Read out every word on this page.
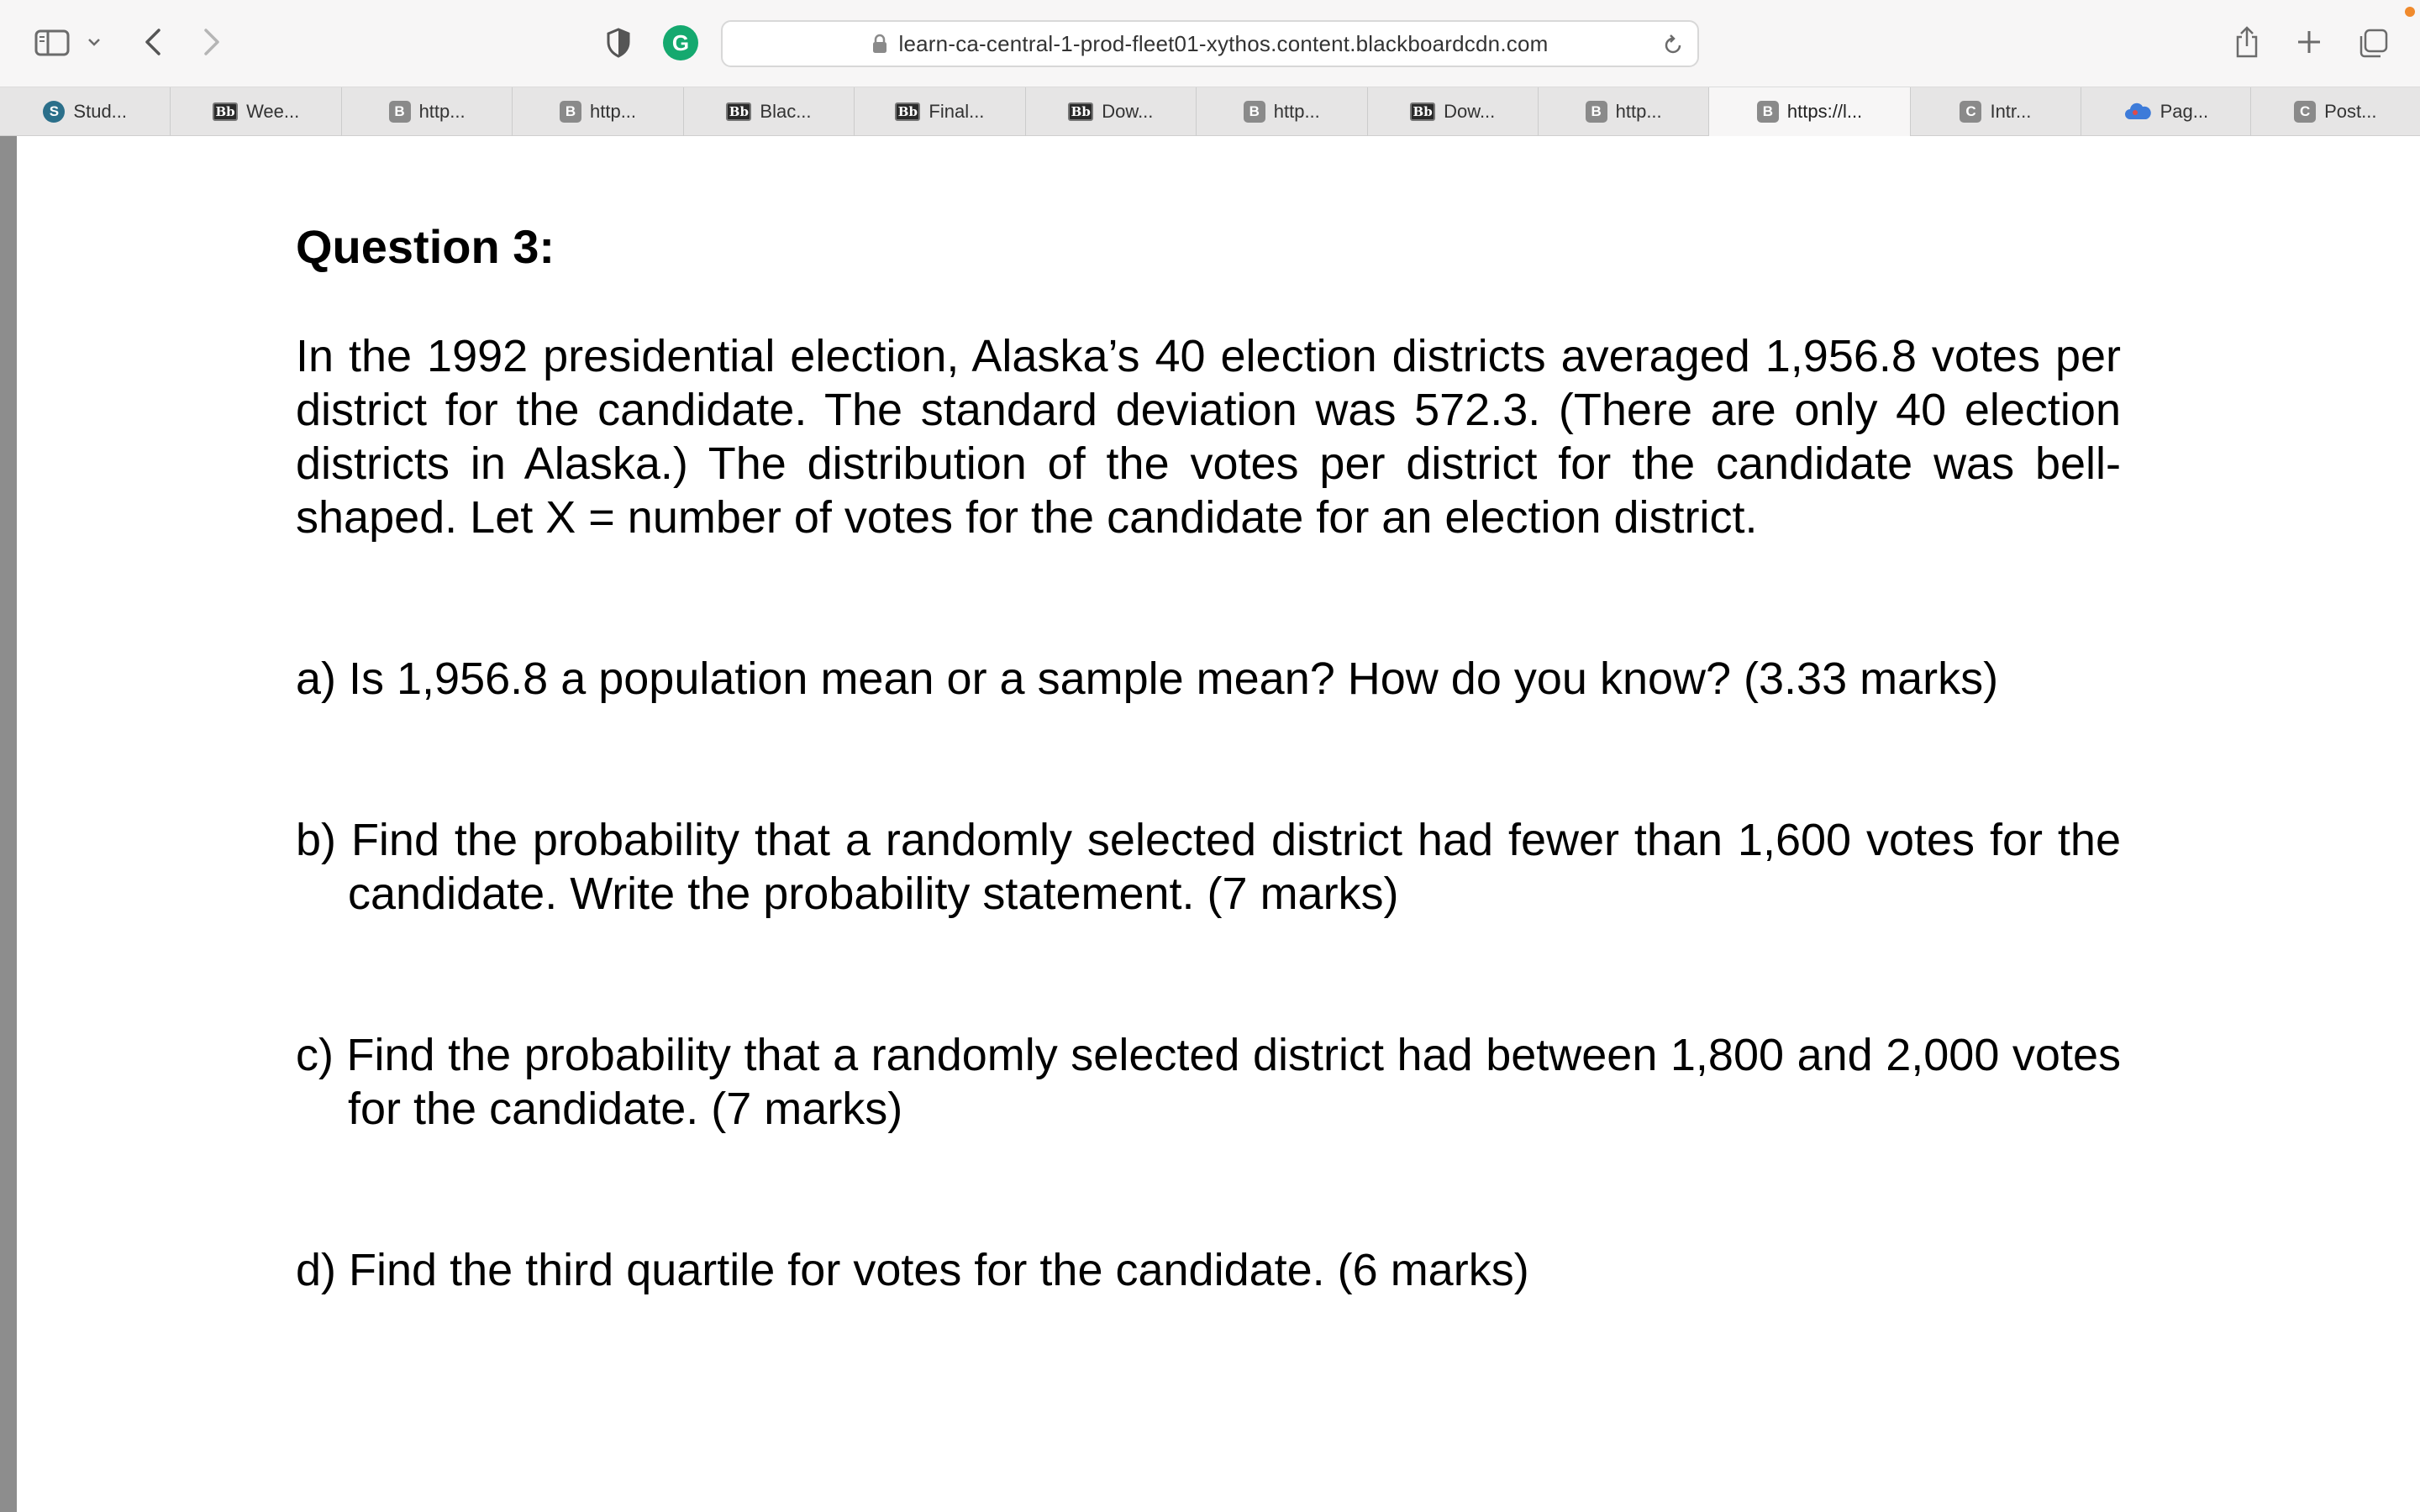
G	learn-ca-central-1-prod-fleet01-xythos.content.blackboardcdn.com
S Stud...	Bb Wee...	B http...	B http...	Bb Blac...	Bb Final...	Bb Dow...	B http...	Bb Dow...	B http...	B https://l...	C Intr...	Pag...	C Post...
Question 3:

In the 1992 presidential election, Alaska’s 40 election districts averaged 1,956.8 votes per district for the candidate. The standard deviation was 572.3. (There are only 40 election districts in Alaska.) The distribution of the votes per district for the candidate was bell-shaped. Let X = number of votes for the candidate for an election district.

a) Is 1,956.8 a population mean or a sample mean? How do you know? (3.33 marks)

b) Find the probability that a randomly selected district had fewer than 1,600 votes for the candidate. Write the probability statement. (7 marks)

c) Find the probability that a randomly selected district had between 1,800 and 2,000 votes for the candidate. (7 marks)

d) Find the third quartile for votes for the candidate. (6 marks)
